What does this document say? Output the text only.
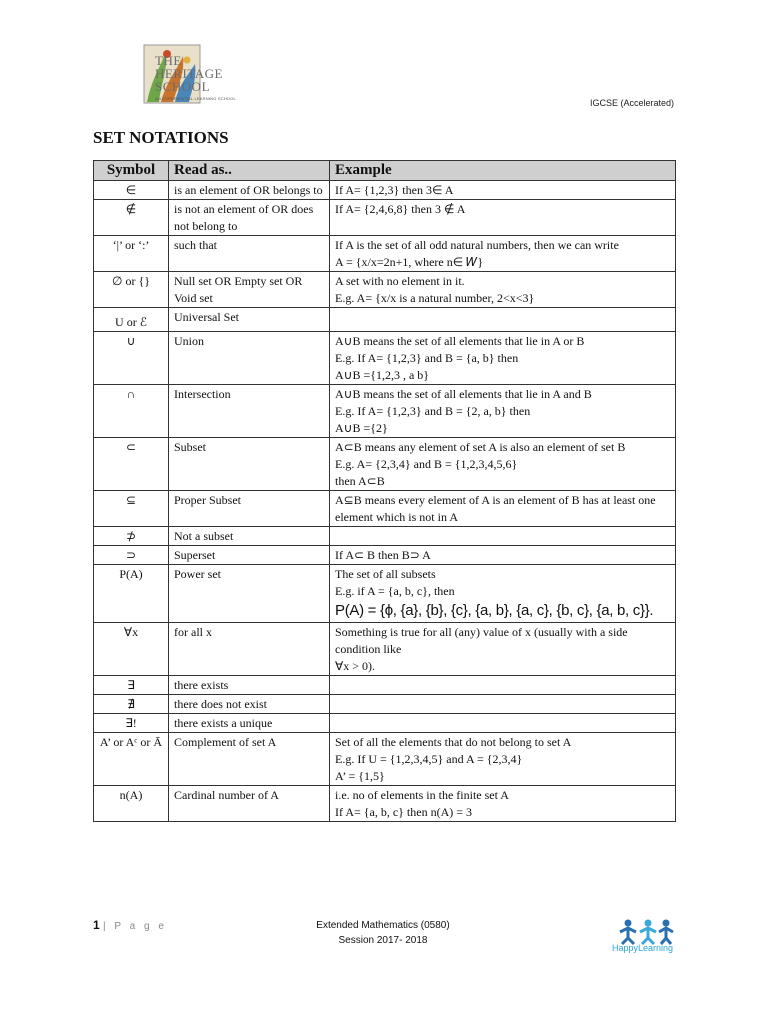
THE
HERITAGE
SCHOOL
AN EXPERIENTIAL LEARNING SCHOOL	IGCSE (Accelerated)
SET NOTATIONS
Symbol	Read as..	Example
∈	is an element of OR belongs to	If A= {1,2,3} then 3∈ A

∉	is not an element of OR does not belong to	If A= {2,4,6,8} then 3 ∉ A

‘|’ or ‘:’	such that	If A is the set of all odd natural numbers, then we can write
A = {x/x=2n+1, where n∈ 𝑊}

∅ or {}	Null set OR Empty set OR Void set	A set with no element in it.
E.g. A= {x/x is a natural number, 2<x<3}

U or ℰ	Universal Set	
∪	Union	A∪B means the set of all elements that lie in A or B
E.g. If A= {1,2,3} and B = {a, b} then
A∪B ={1,2,3 , a b}

∩	Intersection	A∪B means the set of all elements that lie in A and B
E.g. If A= {1,2,3} and B = {2, a, b} then
A∪B ={2}

⊂	Subset	A⊂B means any element of set A is also an element of set B
E.g. A= {2,3,4} and B = {1,2,3,4,5,6}
then A⊂B

⊆	Proper Subset	A⊆B means every element of A is an element of B has at least one element which is not in A

⊅	Not a subset	
⊃	Superset	If A⊂ B then B⊃ A

P(A)	Power set	The set of all subsets
E.g. if A = {a, b, c}, then
P(A) = {ϕ, {a}, {b}, {c}, {a, b}, {a, c}, {b, c}, {a, b, c}}.

∀x	for all x	Something is true for all (any) value of x (usually with a side condition like
∀x > 0).

∃	there exists	
∄	there does not exist	
∃!	there exists a unique	
A’ or Aᶜ or Ā	Complement of set A	Set of all the elements that do not belong to set A
E.g. If U = {1,2,3,4,5} and A = {2,3,4}
A’ = {1,5}

n(A)	Cardinal number of A	i.e. no of elements in the finite set A
If A= {a, b, c} then n(A) = 3
1 | P a g e	Extended Mathematics (0580)
Session 2017- 2018
HappyLearning
